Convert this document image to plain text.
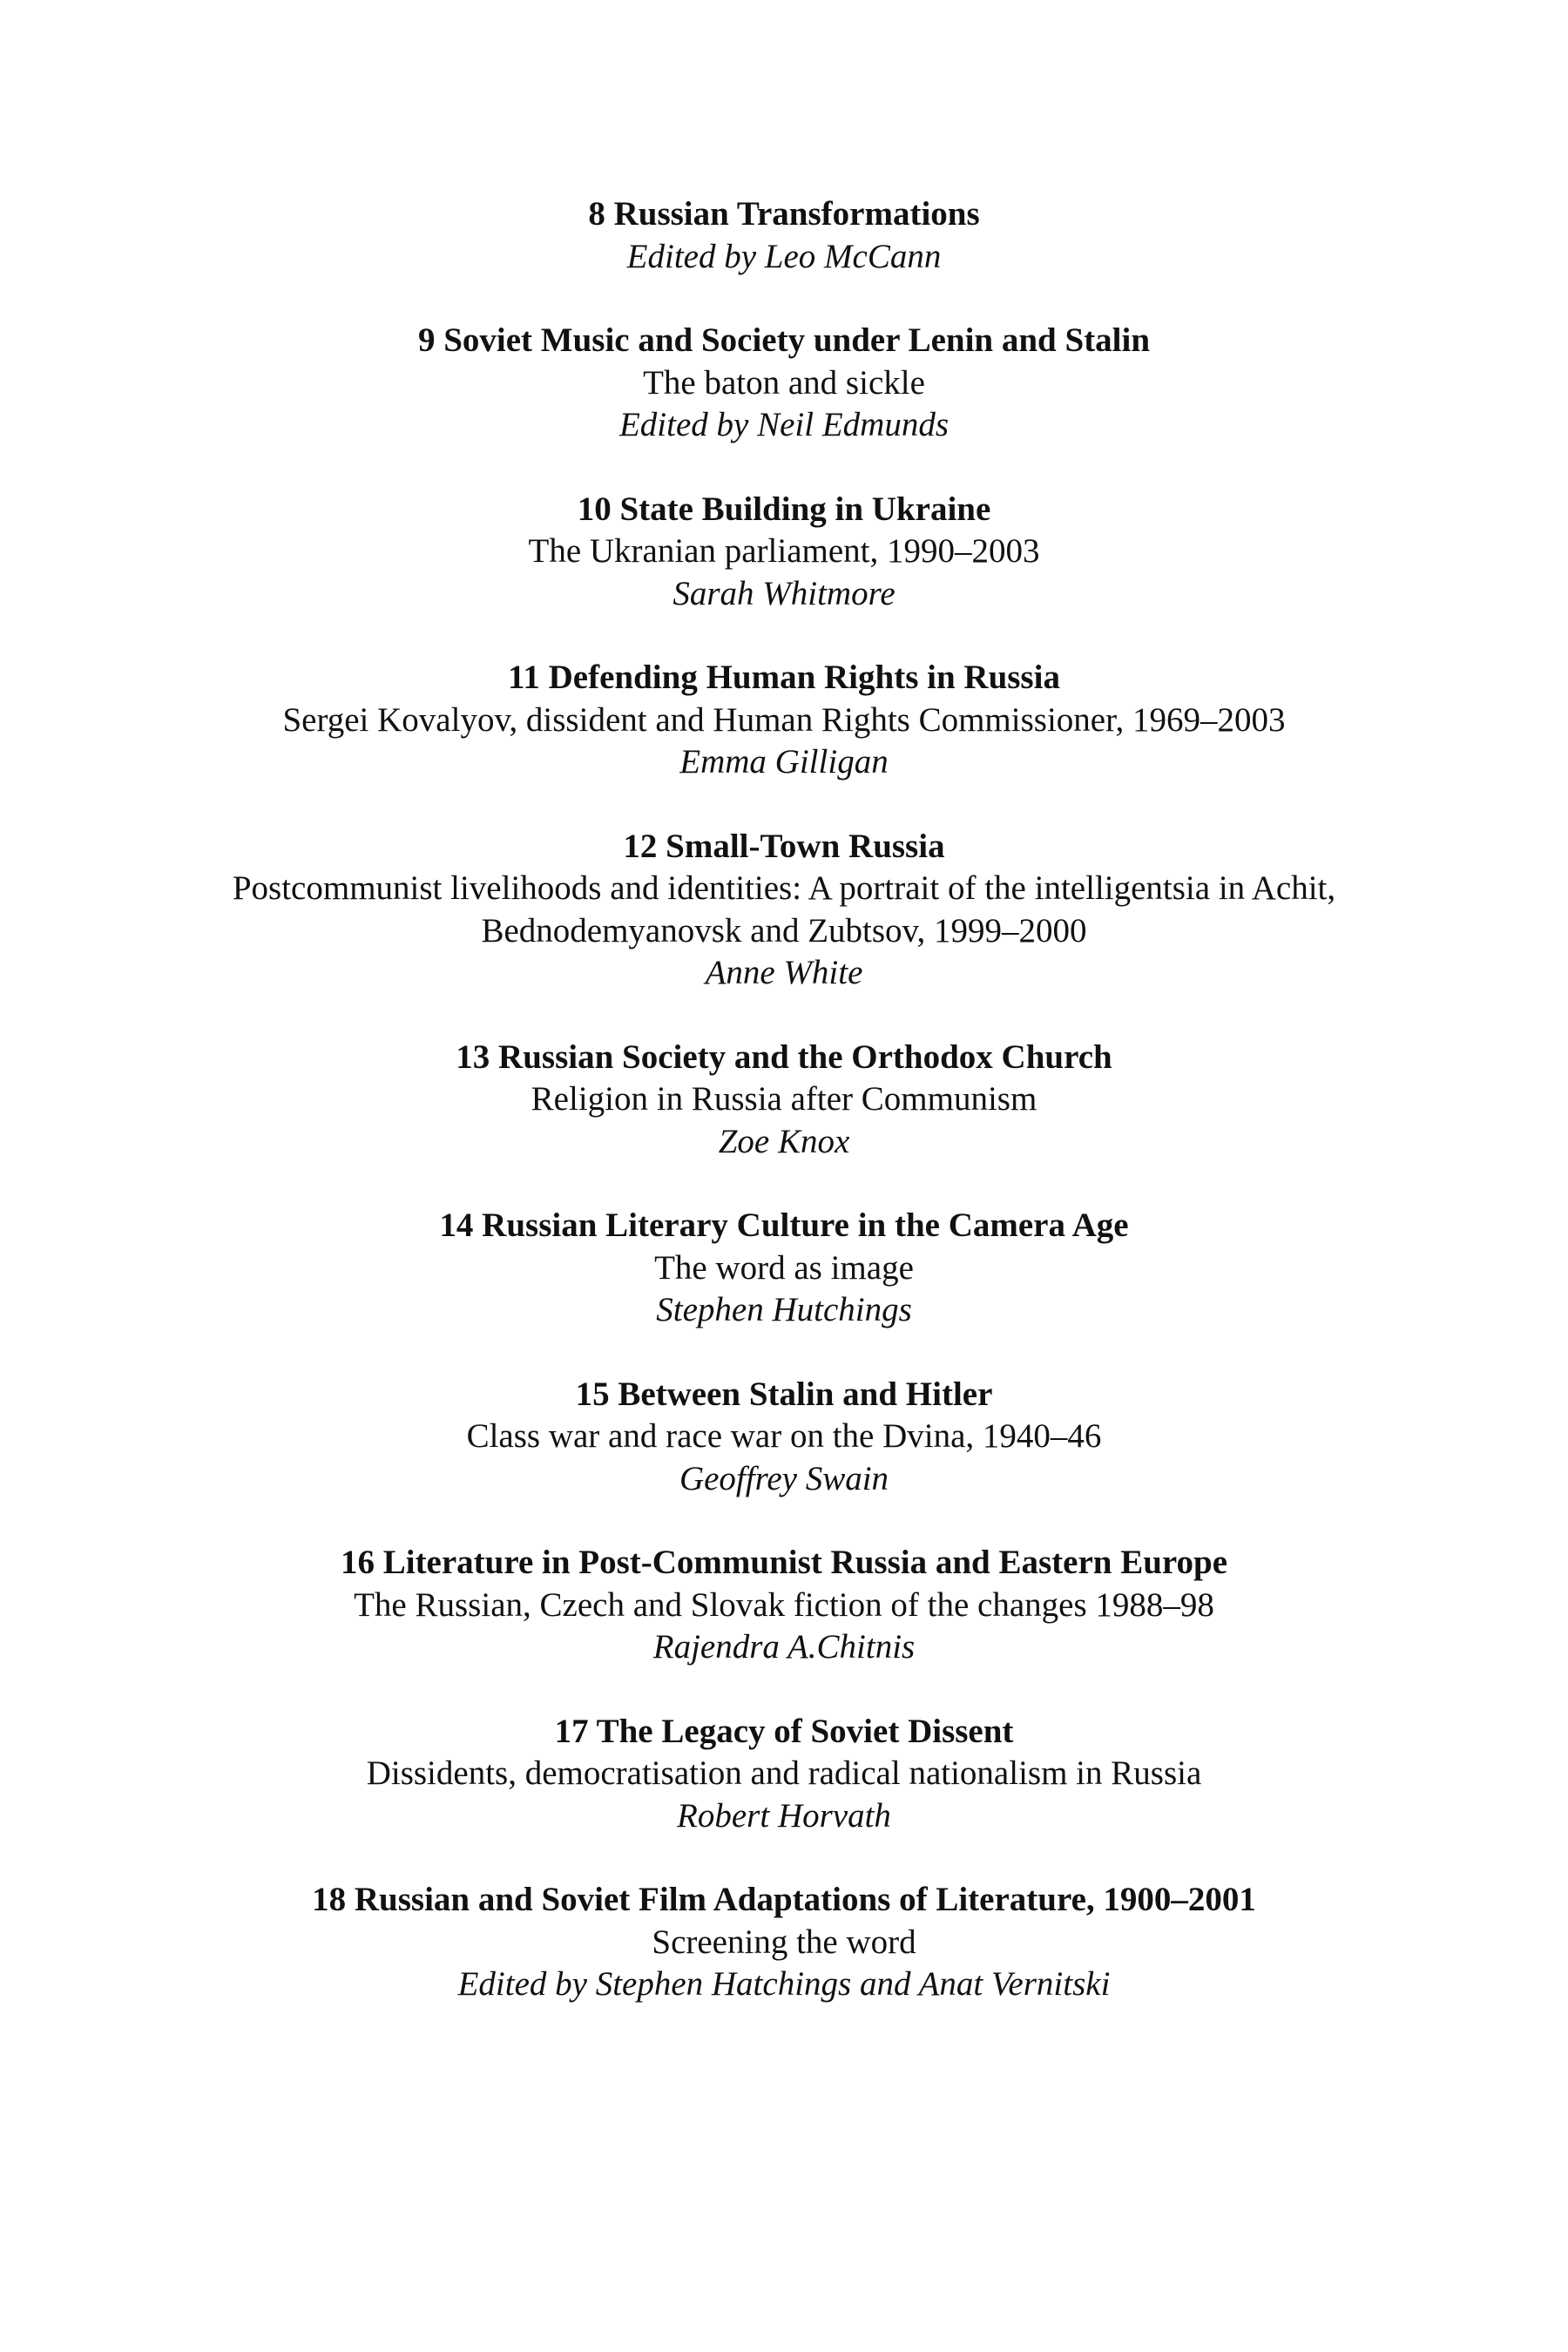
8 Russian Transformations
Edited by Leo McCann
9 Soviet Music and Society under Lenin and Stalin
The baton and sickle
Edited by Neil Edmunds
10 State Building in Ukraine
The Ukranian parliament, 1990–2003
Sarah Whitmore
11 Defending Human Rights in Russia
Sergei Kovalyov, dissident and Human Rights Commissioner, 1969–2003
Emma Gilligan
12 Small-Town Russia
Postcommunist livelihoods and identities: A portrait of the intelligentsia in Achit,
Bednodemyanovsk and Zubtsov, 1999–2000
Anne White
13 Russian Society and the Orthodox Church
Religion in Russia after Communism
Zoe Knox
14 Russian Literary Culture in the Camera Age
The word as image
Stephen Hutchings
15 Between Stalin and Hitler
Class war and race war on the Dvina, 1940–46
Geoffrey Swain
16 Literature in Post-Communist Russia and Eastern Europe
The Russian, Czech and Slovak fiction of the changes 1988–98
Rajendra A.Chitnis
17 The Legacy of Soviet Dissent
Dissidents, democratisation and radical nationalism in Russia
Robert Horvath
18 Russian and Soviet Film Adaptations of Literature, 1900–2001
Screening the word
Edited by Stephen Hatchings and Anat Vernitski
